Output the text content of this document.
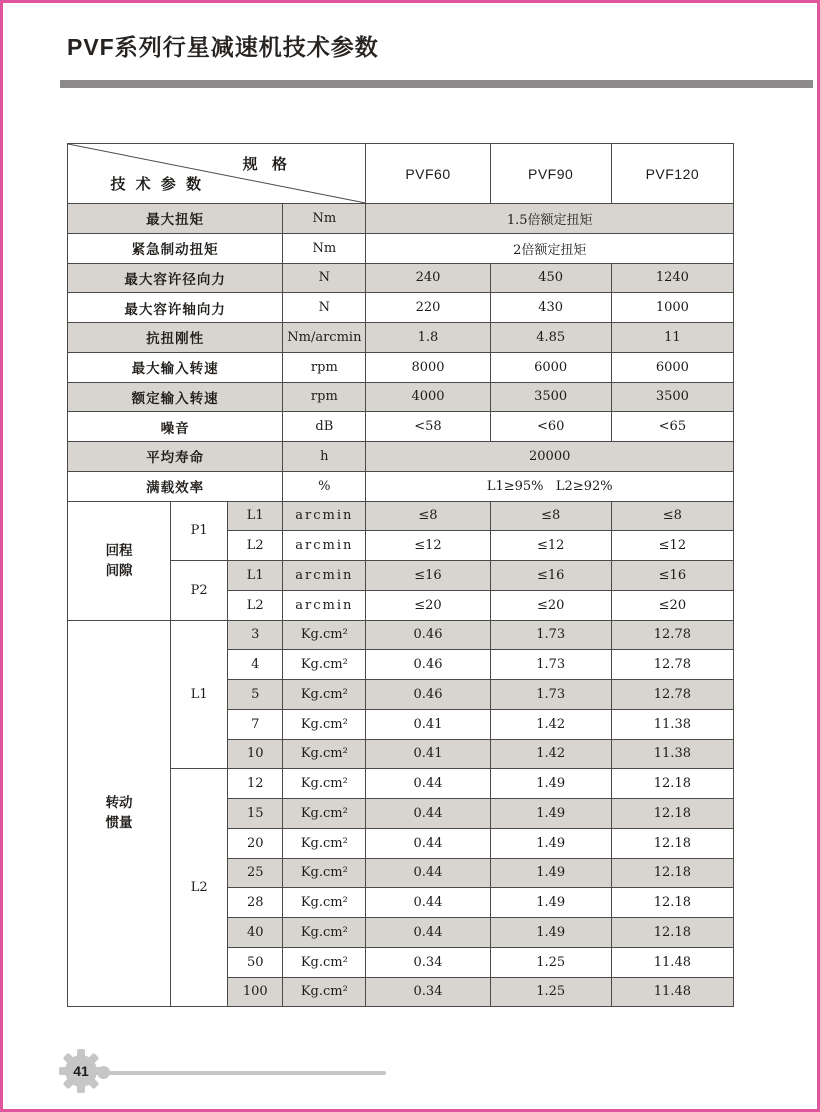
PVF系列行星减速机技术参数
规 格
技 术 参 数				PVF60	PVF90	PVF120
最大扭矩			Nm	1.5倍额定扭矩		
紧急制动扭矩			Nm	2倍额定扭矩		
最大容许径向力			N	240	450	1240
最大容许轴向力			N	220	430	1000
抗扭刚性			Nm/arcmin	1.8	4.85	11
最大输入转速			rpm	8000	6000	6000
额定输入转速			rpm	4000	3500	3500
噪音			dB	<58	<60	<65
平均寿命			h	20000		
满载效率			%	L1≥95%   L2≥92%		

回程
间隙	P1	L1	arcmin	≤8	≤8	≤8
		L2	arcmin	≤12	≤12	≤12
	P2	L1	arcmin	≤16	≤16	≤16
		L2	arcmin	≤20	≤20	≤20

转动
惯量	L1	3	Kg.cm²	0.46	1.73	12.78
		4	Kg.cm²	0.46	1.73	12.78
		5	Kg.cm²	0.46	1.73	12.78
		7	Kg.cm²	0.41	1.42	11.38
		10	Kg.cm²	0.41	1.42	11.38
	L2	12	Kg.cm²	0.44	1.49	12.18
		15	Kg.cm²	0.44	1.49	12.18
		20	Kg.cm²	0.44	1.49	12.18
		25	Kg.cm²	0.44	1.49	12.18
		28	Kg.cm²	0.44	1.49	12.18
		40	Kg.cm²	0.44	1.49	12.18
		50	Kg.cm²	0.34	1.25	11.48
		100	Kg.cm²	0.34	1.25	11.48
41
